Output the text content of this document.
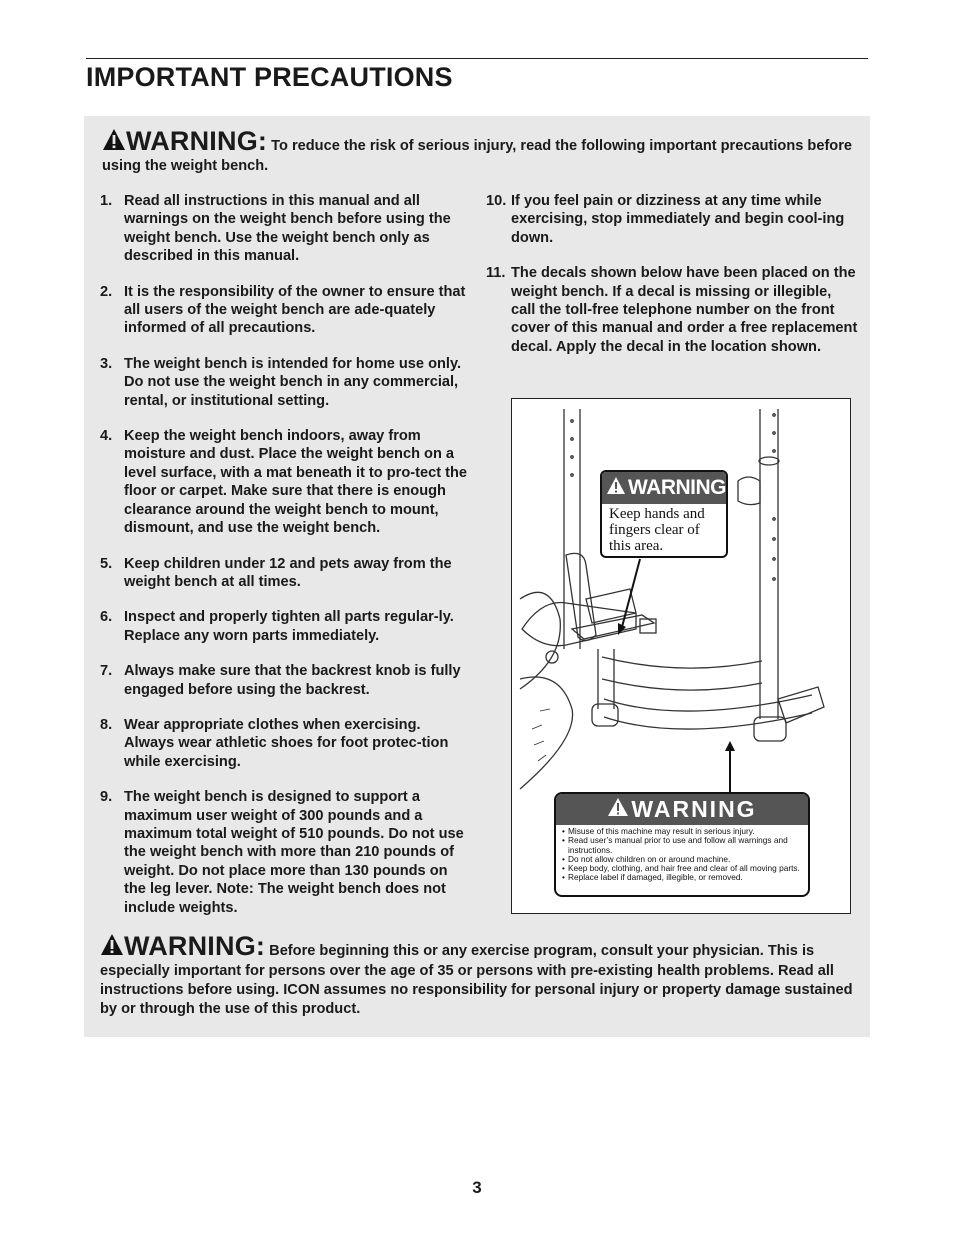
IMPORTANT PRECAUTIONS
WARNING: To reduce the risk of serious injury, read the following important precautions before using the weight bench.
1. Read all instructions in this manual and all warnings on the weight bench before using the weight bench. Use the weight bench only as described in this manual.
2. It is the responsibility of the owner to ensure that all users of the weight bench are ade-quately informed of all precautions.
3. The weight bench is intended for home use only. Do not use the weight bench in any commercial, rental, or institutional setting.
4. Keep the weight bench indoors, away from moisture and dust. Place the weight bench on a level surface, with a mat beneath it to pro-tect the floor or carpet. Make sure that there is enough clearance around the weight bench to mount, dismount, and use the weight bench.
5. Keep children under 12 and pets away from the weight bench at all times.
6. Inspect and properly tighten all parts regular-ly. Replace any worn parts immediately.
7. Always make sure that the backrest knob is fully engaged before using the backrest.
8. Wear appropriate clothes when exercising. Always wear athletic shoes for foot protec-tion while exercising.
9. The weight bench is designed to support a maximum user weight of 300 pounds and a maximum total weight of 510 pounds. Do not use the weight bench with more than 210 pounds of weight. Do not place more than 130 pounds on the leg lever. Note: The weight bench does not include weights.
10. If you feel pain or dizziness at any time while exercising, stop immediately and begin cool-ing down.
11. The decals shown below have been placed on the weight bench. If a decal is missing or illegible, call the toll-free telephone number on the front cover of this manual and order a free replacement decal. Apply the decal in the location shown.
WARNING
Keep hands and fingers clear of this area.
WARNING
• Misuse of this machine may result in serious injury.
• Read user’s manual prior to use and follow all warnings and instructions.
• Do not allow children on or around machine.
• Keep body, clothing, and hair free and clear of all moving parts.
• Replace label if damaged, illegible, or removed.
WARNING: Before beginning this or any exercise program, consult your physician. This is especially important for persons over the age of 35 or persons with pre-existing health problems. Read all instructions before using. ICON assumes no responsibility for personal injury or property damage sustained by or through the use of this product.
3
